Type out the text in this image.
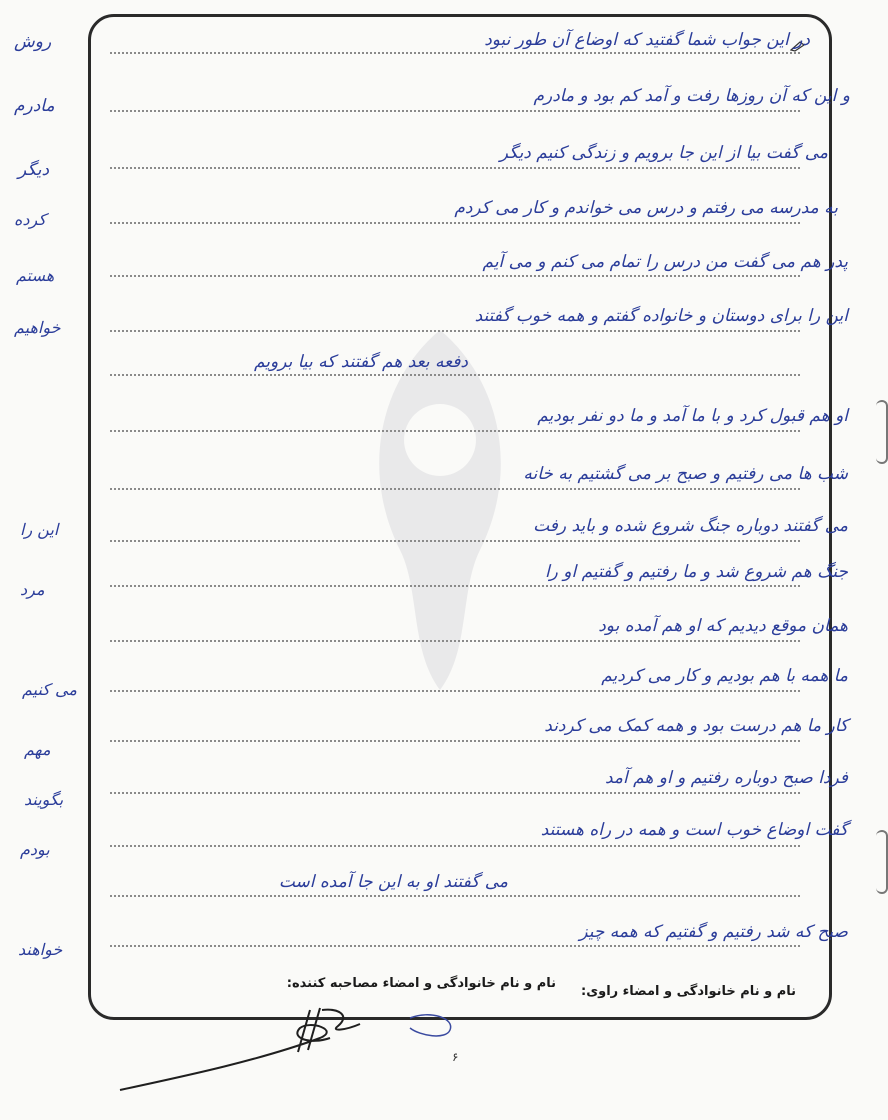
در این جواب شما گفتید که اوضاع آن طور نبود
و این که آن روزها رفت و آمد کم بود و مادرم
می گفت بیا از این جا برویم و زندگی کنیم دیگر
به مدرسه می رفتم و درس می خواندم و کار می کردم
پدر هم می گفت من درس را تمام می کنم و می آیم
این را برای دوستان و خانواده گفتم و همه خوب گفتند
دفعه بعد هم گفتند که بیا برویم
او هم قبول کرد و با ما آمد و ما دو نفر بودیم
شب ها می رفتیم و صبح بر می گشتیم به خانه
می گفتند دوباره جنگ شروع شده و باید رفت
جنگ هم شروع شد و ما رفتیم و گفتیم او را
همان موقع دیدیم که او هم آمده بود
ما همه با هم بودیم و کار می کردیم
کار ما هم درست بود و همه کمک می کردند
فردا صبح دوباره رفتیم و او هم آمد
گفت اوضاع خوب است و همه در راه هستند
می گفتند او به این جا آمده است
صبح که شد رفتیم و گفتیم که همه چیز
روش
مادرم
دیگر
کرده
هستم
خواهیم
این را
بگویند
بودم
مهم
مرد
می کنیم
خواهند
نام و نام خانوادگی و امضاء راوی:
نام و نام خانوادگی و امضاء مصاحبه کننده:
۶
